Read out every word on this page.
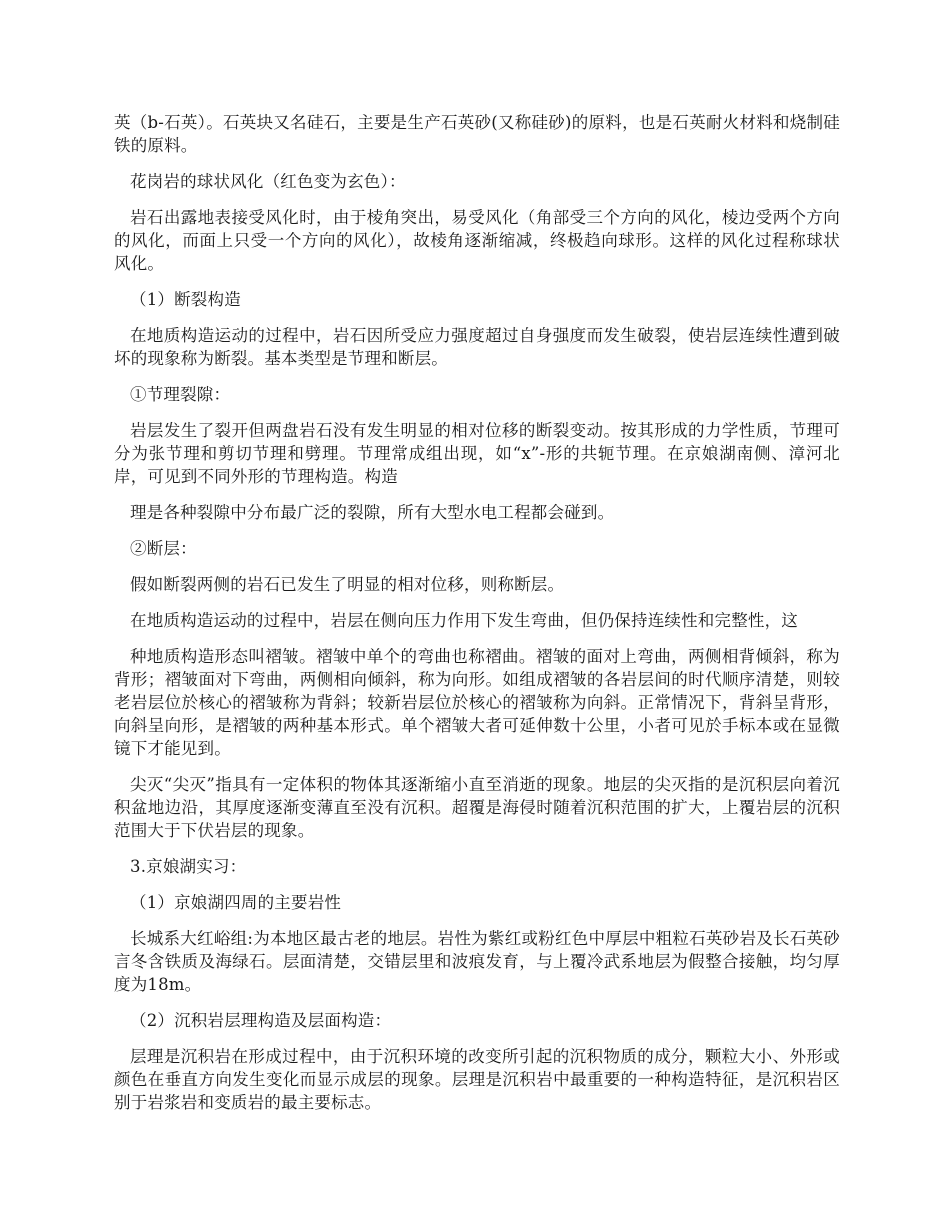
英（b-石英）。石英块又名硅石，主要是生产石英砂(又称硅砂)的原料，也是石英耐火材料和烧制硅铁的原料。

花岗岩的球状风化（红色变为玄色）：

岩石出露地表接受风化时，由于棱角突出，易受风化（角部受三个方向的风化，棱边受两个方向的风化，而面上只受一个方向的风化），故棱角逐渐缩减，终极趋向球形。这样的风化过程称球状风化。

（1）断裂构造

在地质构造运动的过程中，岩石因所受应力强度超过自身强度而发生破裂，使岩层连续性遭到破坏的现象称为断裂。基本类型是节理和断层。

①节理裂隙：

岩层发生了裂开但两盘岩石没有发生明显的相对位移的断裂变动。按其形成的力学性质，节理可分为张节理和剪切节理和劈理。节理常成组出现，如“x”-形的共轭节理。在京娘湖南侧、漳河北岸，可见到不同外形的节理构造。构造

理是各种裂隙中分布最广泛的裂隙，所有大型水电工程都会碰到。

②断层：

假如断裂两侧的岩石已发生了明显的相对位移，则称断层。

在地质构造运动的过程中，岩层在侧向压力作用下发生弯曲，但仍保持连续性和完整性，这

种地质构造形态叫褶皱。褶皱中单个的弯曲也称褶曲。褶皱的面对上弯曲，两侧相背倾斜，称为背形；褶皱面对下弯曲，两侧相向倾斜，称为向形。如组成褶皱的各岩层间的时代顺序清楚，则较老岩层位於核心的褶皱称为背斜；较新岩层位於核心的褶皱称为向斜。正常情况下，背斜呈背形，向斜呈向形，是褶皱的两种基本形式。单个褶皱大者可延伸数十公里，小者可见於手标本或在显微镜下才能见到。

尖灭“尖灭”指具有一定体积的物体其逐渐缩小直至消逝的现象。地层的尖灭指的是沉积层向着沉积盆地边沿，其厚度逐渐变薄直至没有沉积。超覆是海侵时随着沉积范围的扩大，上覆岩层的沉积范围大于下伏岩层的现象。

3.京娘湖实习：

（1）京娘湖四周的主要岩性

长城系大红峪组:为本地区最古老的地层。岩性为紫红或粉红色中厚层中粗粒石英砂岩及长石英砂言冬含铁质及海绿石。层面清楚，交错层里和波痕发育，与上覆冷武系地层为假整合接触，均匀厚度为18m。

（2）沉积岩层理构造及层面构造：

层理是沉积岩在形成过程中，由于沉积环境的改变所引起的沉积物质的成分，颗粒大小、外形或颜色在垂直方向发生变化而显示成层的现象。层理是沉积岩中最重要的一种构造特征，是沉积岩区别于岩浆岩和变质岩的最主要标志。
